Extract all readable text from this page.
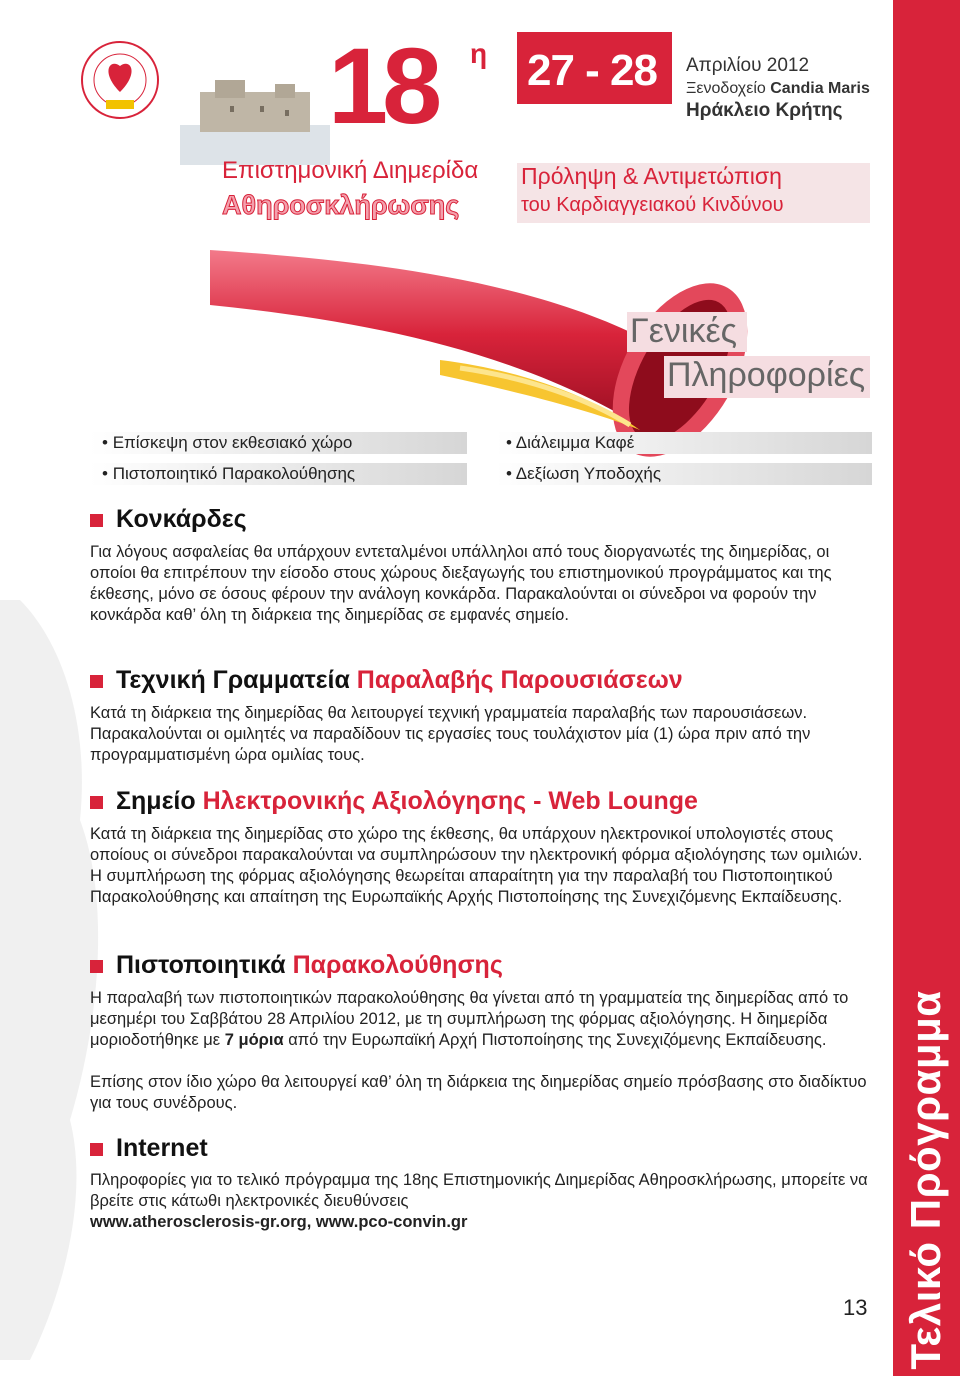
Τελικό Πρόγραμμα
18 η
Επιστημονική Διημερίδα
Αθηροσκλήρωσης
27 - 28 Απριλίου 2012
Ξενοδοχείο Candia Maris
Ηράκλειο Κρήτης
Πρόληψη & Αντιμετώπιση
του Καρδιαγγειακού Κινδύνου
Γενικές
Πληροφορίες
• Επίσκεψη στον εκθεσιακό χώρο
• Πιστοποιητικό Παρακολούθησης
• Διάλειμμα Καφέ
• Δεξίωση Υποδοχής
Κονκάρδες
Για λόγους ασφαλείας θα υπάρχουν εντεταλμένοι υπάλληλοι από τους διοργανωτές της διημερίδας, οι οποίοι θα επιτρέπουν την είσοδο στους χώρους διεξαγωγής του επιστημονικού προγράμματος και της έκθεσης, μόνο σε όσους φέρουν την ανάλογη κονκάρδα. Παρακαλούνται οι σύνεδροι να φορούν την κονκάρδα καθ’ όλη τη διάρκεια της διημερίδας σε εμφανές σημείο.
Τεχνική Γραμματεία Παραλαβής Παρουσιάσεων
Κατά τη διάρκεια της διημερίδας θα λειτουργεί τεχνική γραμματεία παραλαβής των παρουσιάσεων. Παρακαλούνται οι ομιλητές να παραδίδουν τις εργασίες τους τουλάχιστον μία (1) ώρα πριν από την προγραμματισμένη ώρα ομιλίας τους.
Σημείο Ηλεκτρονικής Αξιολόγησης - Web Lounge
Κατά τη διάρκεια της διημερίδας στο χώρο της έκθεσης, θα υπάρχουν ηλεκτρονικοί υπολογιστές στους οποίους οι σύνεδροι παρακαλούνται να συμπληρώσουν την ηλεκτρονική φόρμα αξιολόγησης των ομιλιών. Η συμπλήρωση της φόρμας αξιολόγησης θεωρείται απαραίτητη για την παραλαβή του Πιστοποιητικού Παρακολούθησης και απαίτηση της Ευρωπαϊκής Αρχής Πιστοποίησης της Συνεχιζόμενης Εκπαίδευσης.
Πιστοποιητικά Παρακολούθησης
Η παραλαβή των πιστοποιητικών παρακολούθησης θα γίνεται από τη γραμματεία της διημερίδας από το μεσημέρι του Σαββάτου 28 Απριλίου 2012, με τη συμπλήρωση της φόρμας αξιολόγησης. Η διημερίδα μοριοδοτήθηκε με 7 μόρια από την Ευρωπαϊκή Αρχή Πιστοποίησης της Συνεχιζόμενης Εκπαίδευσης.
Επίσης στον ίδιο χώρο θα λειτουργεί καθ’ όλη τη διάρκεια της διημερίδας σημείο πρόσβασης στο διαδίκτυο για τους συνέδρους.
Internet
Πληροφορίες για το τελικό πρόγραμμα της 18ης Επιστημονικής Διημερίδας Αθηροσκλήρωσης, μπορείτε να βρείτε στις κάτωθι ηλεκτρονικές διευθύνσεις
www.atherosclerosis-gr.org, www.pco-convin.gr
13
